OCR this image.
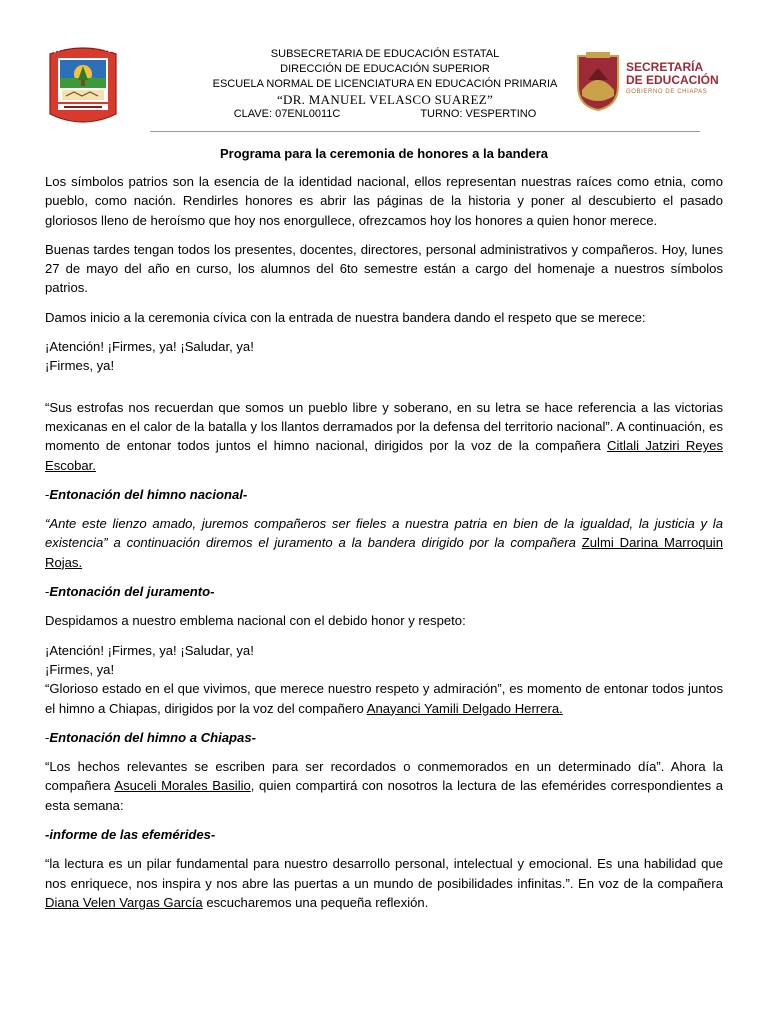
SUBSECRETARIA DE EDUCACIÓN ESTATAL
DIRECCIÓN DE EDUCACIÓN SUPERIOR
ESCUELA NORMAL DE LICENCIATURA EN EDUCACIÓN PRIMARIA
“DR. MANUEL VELASCO SUAREZ”
CLAVE: 07ENL0011C	TURNO: VESPERTINO
SECRETARÍA
DE EDUCACIÓN
GOBIERNO DE CHIAPAS
Programa para la ceremonia de honores a la bandera

Los símbolos patrios son la esencia de la identidad nacional, ellos representan nuestras raíces como etnia, como pueblo, como nación. Rendirles honores es abrir las páginas de la historia y poner al descubierto el pasado gloriosos lleno de heroísmo que hoy nos enorgullece, ofrezcamos hoy los honores a quien honor merece.

Buenas tardes tengan todos los presentes, docentes, directores, personal administrativos y compañeros. Hoy, lunes 27 de mayo del año en curso, los alumnos del 6to semestre están a cargo del homenaje a nuestros símbolos patrios.

Damos inicio a la ceremonia cívica con la entrada de nuestra bandera dando el respeto que se merece:

¡Atención! ¡Firmes, ya! ¡Saludar, ya!

¡Firmes, ya!

“Sus estrofas nos recuerdan que somos un pueblo libre y soberano, en su letra se hace referencia a las victorias mexicanas en el calor de la batalla y los llantos derramados por la defensa del territorio nacional”. A continuación, es momento de entonar todos juntos el himno nacional, dirigidos por la voz de la compañera Citlali Jatziri Reyes Escobar.

-Entonación del himno nacional-

“Ante este lienzo amado, juremos compañeros ser fieles a nuestra patria en bien de la igualdad, la justicia y la existencia” a continuación diremos el juramento a la bandera dirigido por la compañera Zulmi Darina Marroquin Rojas.

-Entonación del juramento-

Despidamos a nuestro emblema nacional con el debido honor y respeto:

¡Atención! ¡Firmes, ya! ¡Saludar, ya!

¡Firmes, ya!

“Glorioso estado en el que vivimos, que merece nuestro respeto y admiración”, es momento de entonar todos juntos el himno a Chiapas, dirigidos por la voz del compañero Anayanci Yamili Delgado Herrera.

-Entonación del himno a Chiapas-

“Los hechos relevantes se escriben para ser recordados o conmemorados en un determinado día”. Ahora la compañera Asuceli Morales Basilio, quien compartirá con nosotros la lectura de las efemérides correspondientes a esta semana:

-informe de las efemérides-

“la lectura es un pilar fundamental para nuestro desarrollo personal, intelectual y emocional. Es una habilidad que nos enriquece, nos inspira y nos abre las puertas a un mundo de posibilidades infinitas.”. En voz de la compañera Diana Velen Vargas García escucharemos una pequeña reflexión.
